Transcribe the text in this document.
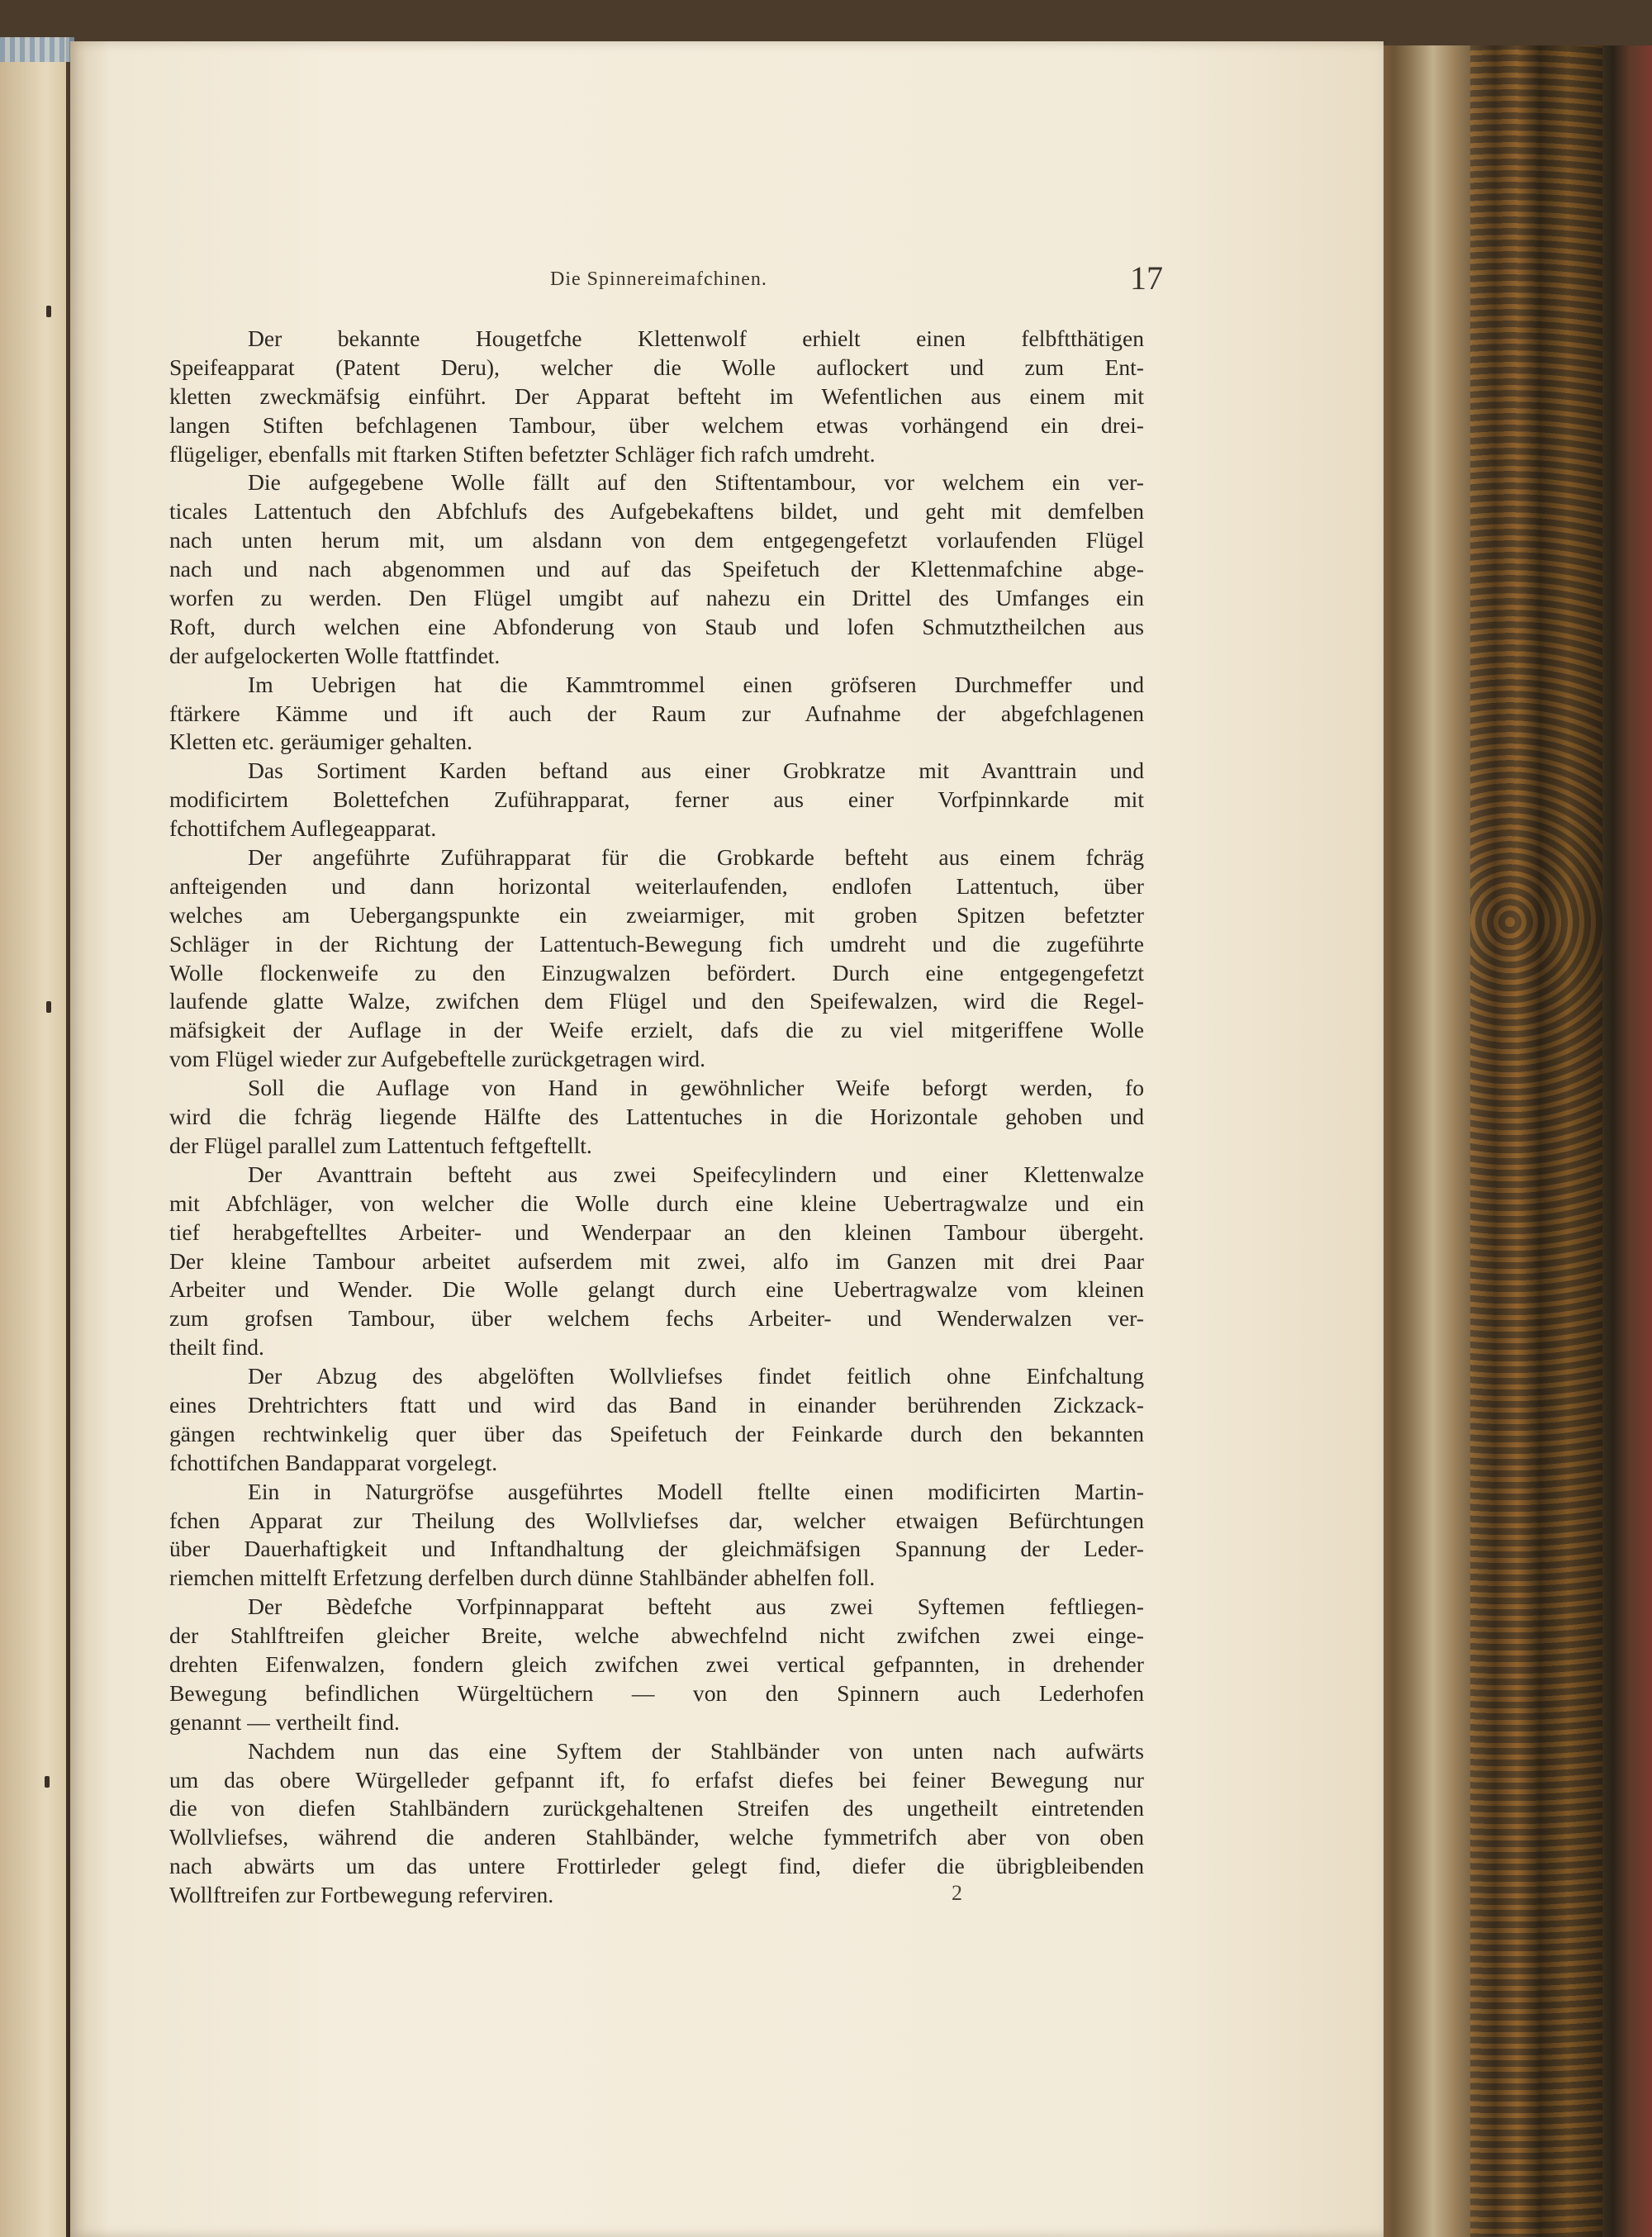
Die Spinnereimafchinen.	17
Der bekannte Hougetfche Klettenwolf erhielt einen felbftthätigen
Speifeapparat (Patent Deru), welcher die Wolle auflockert und zum Ent-
kletten zweckmäfsig einführt. Der Apparat befteht im Wefentlichen aus einem mit
langen Stiften befchlagenen Tambour, über welchem etwas vorhängend ein drei-
flügeliger, ebenfalls mit ftarken Stiften befetzter Schläger fich rafch umdreht.
Die aufgegebene Wolle fällt auf den Stiftentambour, vor welchem ein ver-
ticales Lattentuch den Abfchlufs des Aufgebekaftens bildet, und geht mit demfelben
nach unten herum mit, um alsdann von dem entgegengefetzt vorlaufenden Flügel
nach und nach abgenommen und auf das Speifetuch der Klettenmafchine abge-
worfen zu werden. Den Flügel umgibt auf nahezu ein Drittel des Umfanges ein
Roft, durch welchen eine Abfonderung von Staub und lofen Schmutztheilchen aus
der aufgelockerten Wolle ftattfindet.
Im Uebrigen hat die Kammtrommel einen gröfseren Durchmeffer und
ftärkere Kämme und ift auch der Raum zur Aufnahme der abgefchlagenen
Kletten etc. geräumiger gehalten.
Das Sortiment Karden beftand aus einer Grobkratze mit Avanttrain und
modificirtem Bolettefchen Zuführapparat, ferner aus einer Vorfpinnkarde mit
fchottifchem Auflegeapparat.
Der angeführte Zuführapparat für die Grobkarde befteht aus einem fchräg
anfteigenden und dann horizontal weiterlaufenden, endlofen Lattentuch, über
welches am Uebergangspunkte ein zweiarmiger, mit groben Spitzen befetzter
Schläger in der Richtung der Lattentuch-Bewegung fich umdreht und die zugeführte
Wolle flockenweife zu den Einzugwalzen befördert. Durch eine entgegengefetzt
laufende glatte Walze, zwifchen dem Flügel und den Speifewalzen, wird die Regel-
mäfsigkeit der Auflage in der Weife erzielt, dafs die zu viel mitgeriffene Wolle
vom Flügel wieder zur Aufgebeftelle zurückgetragen wird.
Soll die Auflage von Hand in gewöhnlicher Weife beforgt werden, fo
wird die fchräg liegende Hälfte des Lattentuches in die Horizontale gehoben und
der Flügel parallel zum Lattentuch feftgeftellt.
Der Avanttrain befteht aus zwei Speifecylindern und einer Klettenwalze
mit Abfchläger, von welcher die Wolle durch eine kleine Uebertragwalze und ein
tief herabgeftelltes Arbeiter- und Wenderpaar an den kleinen Tambour übergeht.
Der kleine Tambour arbeitet aufserdem mit zwei, alfo im Ganzen mit drei Paar
Arbeiter und Wender. Die Wolle gelangt durch eine Uebertragwalze vom kleinen
zum grofsen Tambour, über welchem fechs Arbeiter- und Wenderwalzen ver-
theilt find.
Der Abzug des abgelöften Wollvliefses findet feitlich ohne Einfchaltung
eines Drehtrichters ftatt und wird das Band in einander berührenden Zickzack-
gängen rechtwinkelig quer über das Speifetuch der Feinkarde durch den bekannten
fchottifchen Bandapparat vorgelegt.
Ein in Naturgröfse ausgeführtes Modell ftellte einen modificirten Martin-
fchen Apparat zur Theilung des Wollvliefses dar, welcher etwaigen Befürchtungen
über Dauerhaftigkeit und Inftandhaltung der gleichmäfsigen Spannung der Leder-
riemchen mittelft Erfetzung derfelben durch dünne Stahlbänder abhelfen foll.
Der Bèdefche Vorfpinnapparat befteht aus zwei Syftemen feftliegen-
der Stahlftreifen gleicher Breite, welche abwechfelnd nicht zwifchen zwei einge-
drehten Eifenwalzen, fondern gleich zwifchen zwei vertical gefpannten, in drehender
Bewegung befindlichen Würgeltüchern — von den Spinnern auch Lederhofen
genannt — vertheilt find.
Nachdem nun das eine Syftem der Stahlbänder von unten nach aufwärts
um das obere Würgelleder gefpannt ift, fo erfafst diefes bei feiner Bewegung nur
die von diefen Stahlbändern zurückgehaltenen Streifen des ungetheilt eintretenden
Wollvliefses, während die anderen Stahlbänder, welche fymmetrifch aber von oben
nach abwärts um das untere Frottirleder gelegt find, diefer die übrigbleibenden
Wollftreifen zur Fortbewegung referviren.	2
